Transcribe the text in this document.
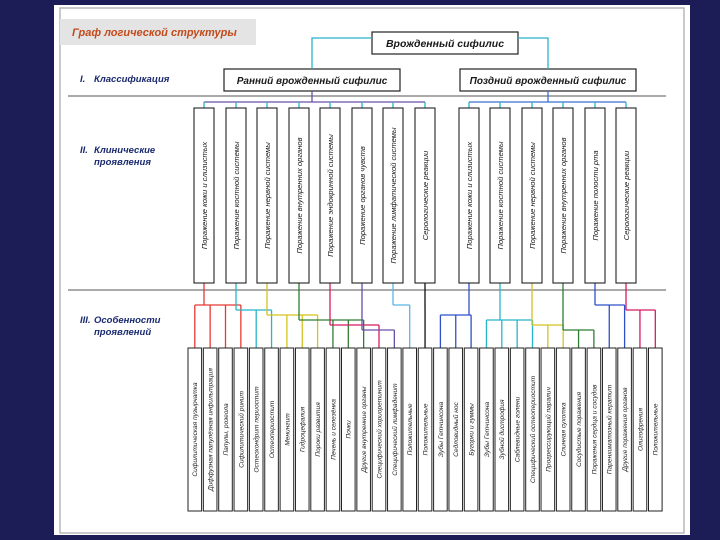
Граф логической структуры
I. Классификация
II. Клинические проявления
III. Особенности проявлений
Врожденный сифилис
Ранний врожденный сифилис	Поздний врожденный сифилис
Поражение кожи и слизистых	Поражение костной системы	Поражение нервной системы	Поражение внутренних органов	Поражение эндокринной системы	Поражение органов чувств	Поражение лимфатической системы	Серологические реакции	Поражение кожи и слизистых	Поражение костной системы	Поражение нервной системы	Поражение внутренних органов	Поражение полости рта	Серологические реакции
Сифилитическая пузырчатка Диффузная папулёзная инфильтрация Папулы, розеола Сифилитический ринит Остеохондрит периостит Остеопериостит Менингит Гидроцефалия Пороки развития Печень и селезёнка Почки Другие внутренние органы Специфический хориоретинит Специфический лимфаденит Положительные Положительные Зубы Гетчинсона Седловидный нос Бугорки и гуммы Зубы Гетчинсона Зубной дистрофия Саблевидные голени Специфический остеопериостит Прогрессирующий паралич Спинная сухотка Сосудистые поражения Поражения сердца и сосудов Паренхиматозный кератит Другие поражения органов Олигофрения Положительные
